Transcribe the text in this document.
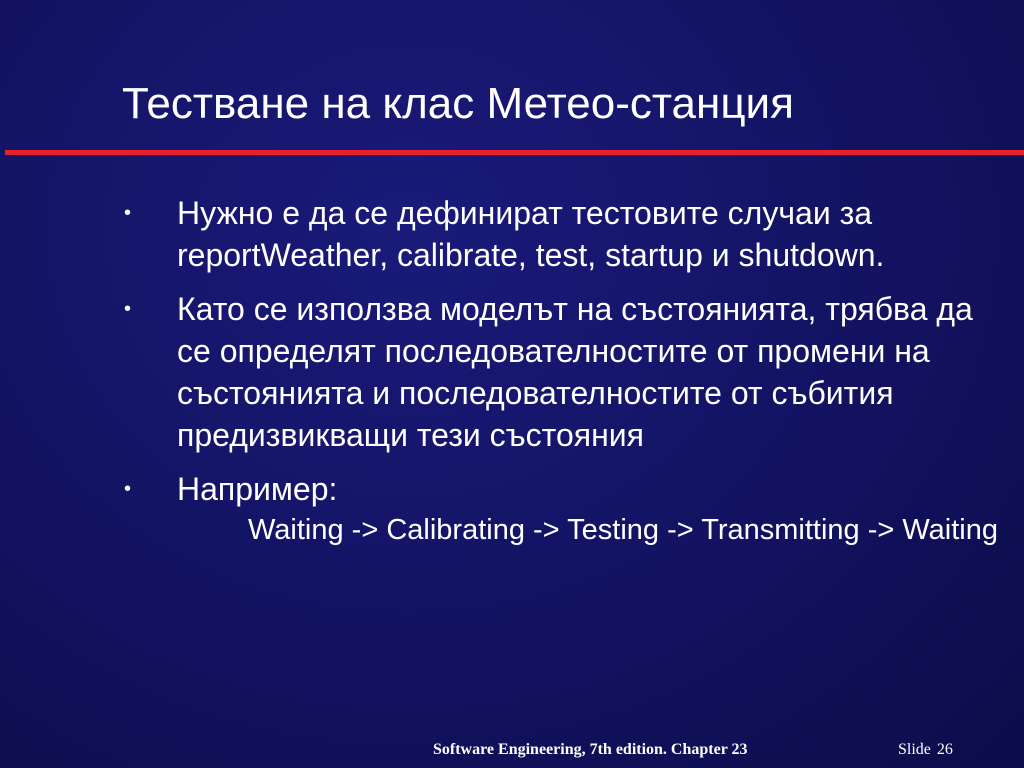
Тестване на клас Метео-станция
• Нужно е да се дефинират тестовите случаи за reportWeather, calibrate, test, startup и shutdown.
• Като се използва моделът на състоянията, трябва да се определят последователностите от промени на състоянията и последователностите от събития предизвикващи тези състояния
• Например:
Waiting -> Calibrating -> Testing -> Transmitting -> Waiting
Software Engineering, 7th edition. Chapter 23	Slide 26
